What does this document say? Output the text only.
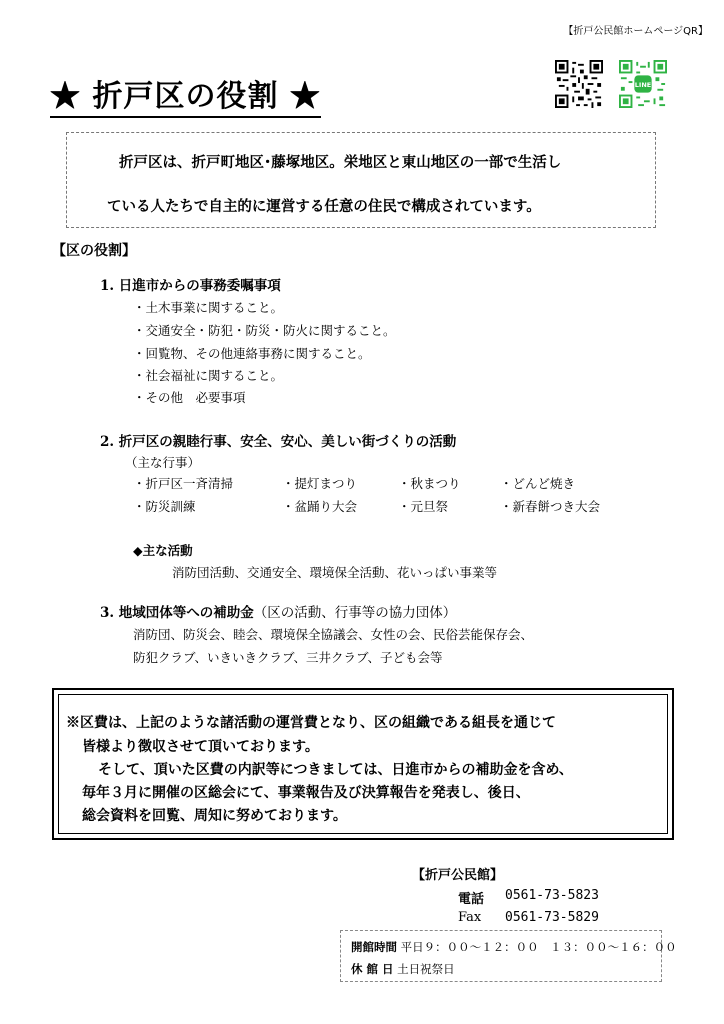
【折戸公民館ホームページQR】
LINE
★ 折戸区の役割 ★
折戸区は、折戸町地区･藤塚地区。栄地区と東山地区の一部で生活し
ている人たちで自主的に運営する任意の住民で構成されています。
【区の役割】
1. 日進市からの事務委嘱事項
・土木事業に関すること。
・交通安全・防犯・防災・防火に関すること。
・回覧物、その他連絡事務に関すること。
・社会福祉に関すること。
・その他　必要事項
2. 折戸区の親睦行事、安全、安心、美しい街づくりの活動
（主な行事）
・折戸区一斉清掃	・提灯まつり	・秋まつり	・どんど焼き
・防災訓練	・盆踊り大会	・元旦祭	・新春餅つき大会
◆主な活動
消防団活動、交通安全、環境保全活動、花いっぱい事業等
3. 地域団体等への補助金（区の活動、行事等の協力団体）
消防団、防災会、睦会、環境保全協議会、女性の会、民俗芸能保存会、
防犯クラブ、いきいきクラブ、三井クラブ、子ども会等
※区費は、上記のような諸活動の運営費となり、区の組織である組長を通じて
皆様より徴収させて頂いております。
そして、頂いた区費の内訳等につきましては、日進市からの補助金を含め、
毎年３月に開催の区総会にて、事業報告及び決算報告を発表し、後日、
総会資料を回覧、周知に努めております。
【折戸公民館】
電話 0561-73-5823
Fax 0561-73-5829
開館時間 平日９：００～１２：００　１３：００～１６：００
休 館 日 土日祝祭日
